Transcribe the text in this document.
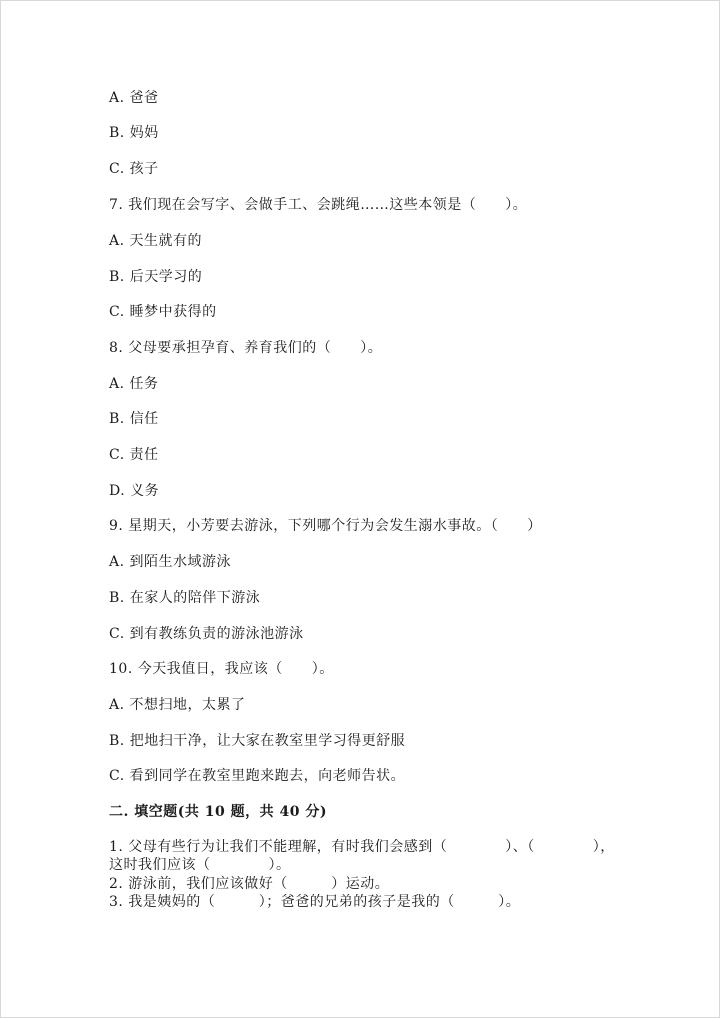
A. 爸爸
B. 妈妈
C. 孩子
7. 我们现在会写字、会做手工、会跳绳……这些本领是（　　）。
A. 天生就有的
B. 后天学习的
C. 睡梦中获得的
8. 父母要承担孕育、养育我们的（　　）。
A. 任务
B. 信任
C. 责任
D. 义务
9. 星期天，小芳要去游泳，下列哪个行为会发生溺水事故。（　　）
A. 到陌生水域游泳
B. 在家人的陪伴下游泳
C. 到有教练负责的游泳池游泳
10. 今天我值日，我应该（　　）。
A. 不想扫地，太累了
B. 把地扫干净，让大家在教室里学习得更舒服
C. 看到同学在教室里跑来跑去，向老师告状。
二. 填空题(共 10 题，共 40 分)
1. 父母有些行为让我们不能理解，有时我们会感到（　　　　）、（　　　　），
这时我们应该（　　　　）。
2. 游泳前，我们应该做好（　　　）运动。
3. 我是姨妈的（　　　）；爸爸的兄弟的孩子是我的（　　　）。
